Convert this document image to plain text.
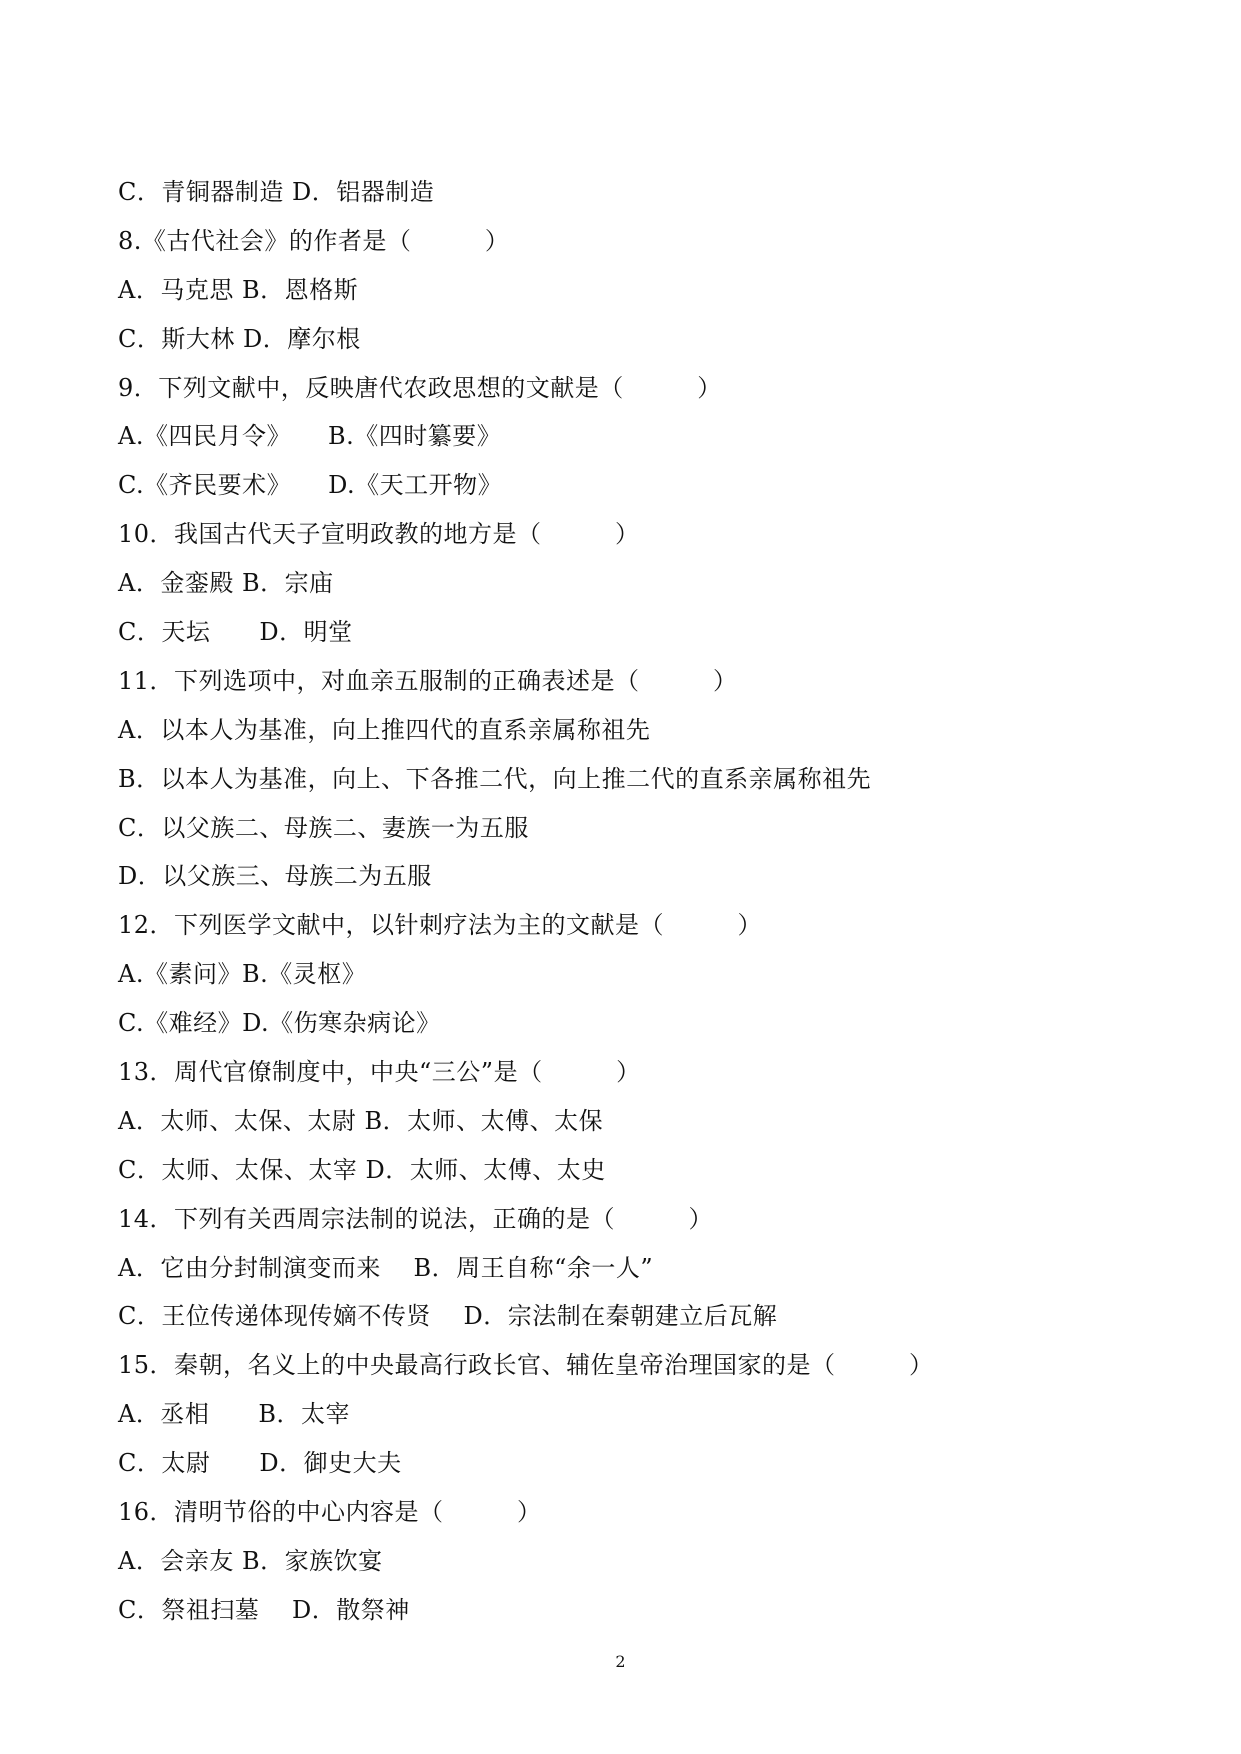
C．青铜器制造 D．铝器制造
8.《古代社会》的作者是（　　　）
A．马克思 B．恩格斯
C．斯大林 D．摩尔根
9．下列文献中，反映唐代农政思想的文献是（　　　）
A.《四民月令》　　B.《四时纂要》
C.《齐民要术》　　D.《天工开物》
10．我国古代天子宣明政教的地方是（　　　）
A．金銮殿 B．宗庙
C．天坛　　D．明堂
11．下列选项中，对血亲五服制的正确表述是（　　　）
A．以本人为基准，向上推四代的直系亲属称祖先
B．以本人为基准，向上、下各推二代，向上推二代的直系亲属称祖先
C．以父族二、母族二、妻族一为五服
D．以父族三、母族二为五服
12．下列医学文献中，以针刺疗法为主的文献是（　　　）
A.《素问》B.《灵枢》
C.《难经》D.《伤寒杂病论》
13．周代官僚制度中，中央“三公”是（　　　）
A．太师、太保、太尉 B．太师、太傅、太保
C．太师、太保、太宰 D．太师、太傅、太史
14．下列有关西周宗法制的说法，正确的是（　　　）
A．它由分封制演变而来　 B．周王自称“余一人”
C．王位传递体现传嫡不传贤　 D．宗法制在秦朝建立后瓦解
15．秦朝，名义上的中央最高行政长官、辅佐皇帝治理国家的是（　　　）
A．丞相　　B．太宰
C．太尉　　D．御史大夫
16．清明节俗的中心内容是（　　　）
A．会亲友 B．家族饮宴
C．祭祖扫墓　 D．散祭神
2
